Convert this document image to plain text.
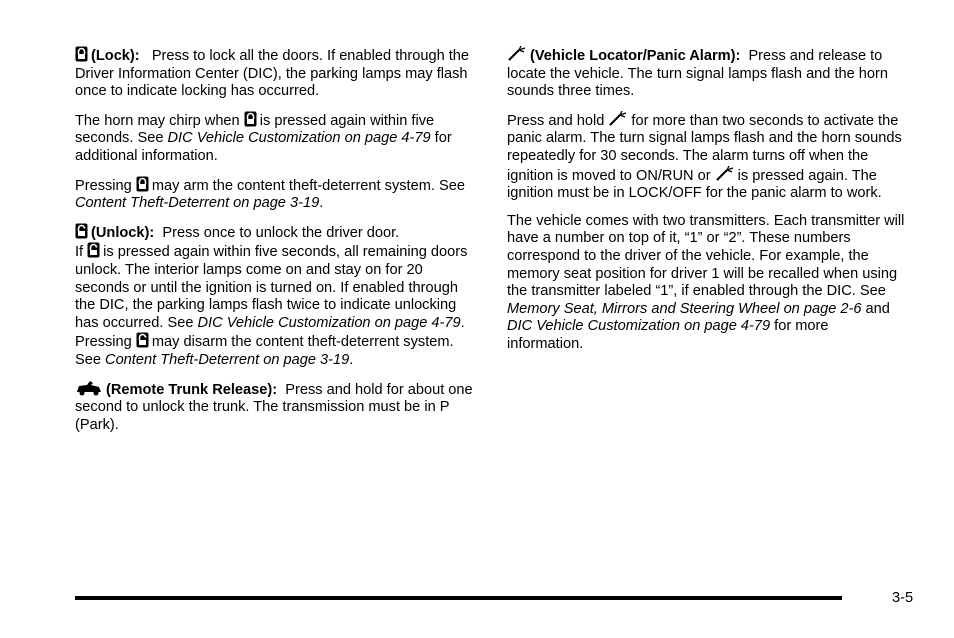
(Lock): Press to lock all the doors. If enabled through the Driver Information Center (DIC), the parking lamps may flash once to indicate locking has occurred.

The horn may chirp when is pressed again within five seconds. See DIC Vehicle Customization on page 4-79 for additional information.

Pressing may arm the content theft-deterrent system. See Content Theft-Deterrent on page 3-19.

(Unlock): Press once to unlock the driver door.
If is pressed again within five seconds, all remaining doors unlock. The interior lamps come on and stay on for 20 seconds or until the ignition is turned on. If enabled through the DIC, the parking lamps flash twice to indicate unlocking has occurred. See DIC Vehicle Customization on page 4-79. Pressing may disarm the content theft-deterrent system. See Content Theft-Deterrent on page 3-19.

(Remote Trunk Release): Press and hold for about one second to unlock the trunk. The transmission must be in P (Park).

(Vehicle Locator/Panic Alarm): Press and release to locate the vehicle. The turn signal lamps flash and the horn sounds three times.

Press and hold for more than two seconds to activate the panic alarm. The turn signal lamps flash and the horn sounds repeatedly for 30 seconds. The alarm turns off when the ignition is moved to ON/RUN or is pressed again. The ignition must be in LOCK/OFF for the panic alarm to work.

The vehicle comes with two transmitters. Each transmitter will have a number on top of it, “1” or “2”. These numbers correspond to the driver of the vehicle. For example, the memory seat position for driver 1 will be recalled when using the transmitter labeled “1”, if enabled through the DIC. See Memory Seat, Mirrors and Steering Wheel on page 2-6 and DIC Vehicle Customization on page 4-79 for more information.

3-5
